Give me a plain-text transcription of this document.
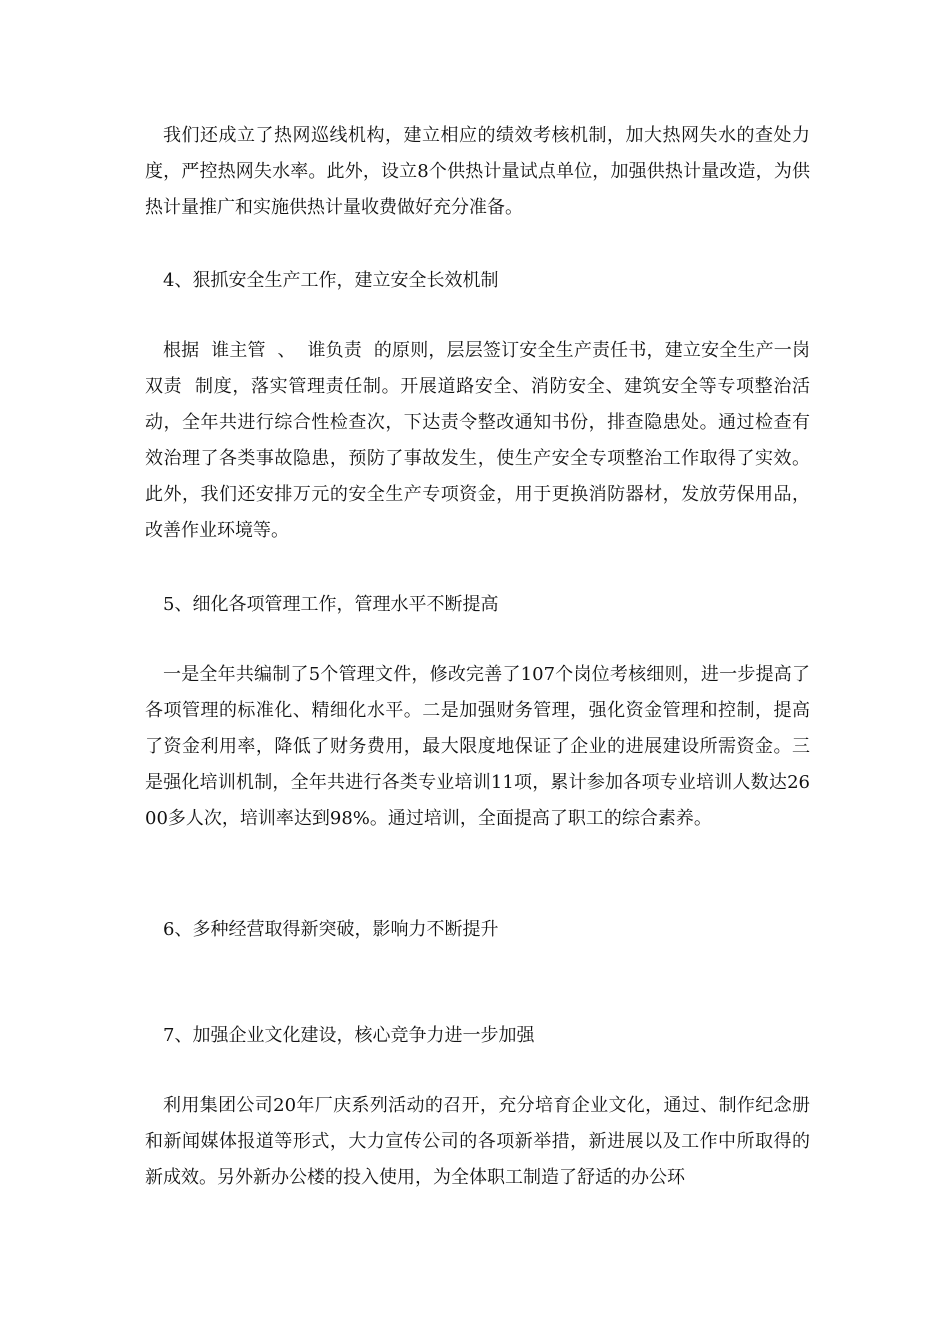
我们还成立了热网巡线机构，建立相应的绩效考核机制，加大热网失水的查处力度，严控热网失水率。此外，设立8个供热计量试点单位，加强供热计量改造，为供热计量推广和实施供热计量收费做好充分准备。

4、狠抓安全生产工作，建立安全长效机制

根据  谁主管  、  谁负责  的原则，层层签订安全生产责任书，建立安全生产一岗双责  制度，落实管理责任制。开展道路安全、消防安全、建筑安全等专项整治活动，全年共进行综合性检查次，下达责令整改通知书份，排查隐患处。通过检查有效治理了各类事故隐患，预防了事故发生，使生产安全专项整治工作取得了实效。此外，我们还安排万元的安全生产专项资金，用于更换消防器材，发放劳保用品，改善作业环境等。

5、细化各项管理工作，管理水平不断提高

一是全年共编制了5个管理文件，修改完善了107个岗位考核细则，进一步提高了各项管理的标准化、精细化水平。二是加强财务管理，强化资金管理和控制，提高了资金利用率，降低了财务费用，最大限度地保证了企业的进展建设所需资金。三是强化培训机制，全年共进行各类专业培训11项，累计参加各项专业培训人数达2600多人次，培训率达到98%。通过培训，全面提高了职工的综合素养。

6、多种经营取得新突破，影响力不断提升

7、加强企业文化建设，核心竞争力进一步加强

利用集团公司20年厂庆系列活动的召开，充分培育企业文化，通过、制作纪念册和新闻媒体报道等形式，大力宣传公司的各项新举措，新进展以及工作中所取得的新成效。另外新办公楼的投入使用，为全体职工制造了舒适的办公环
